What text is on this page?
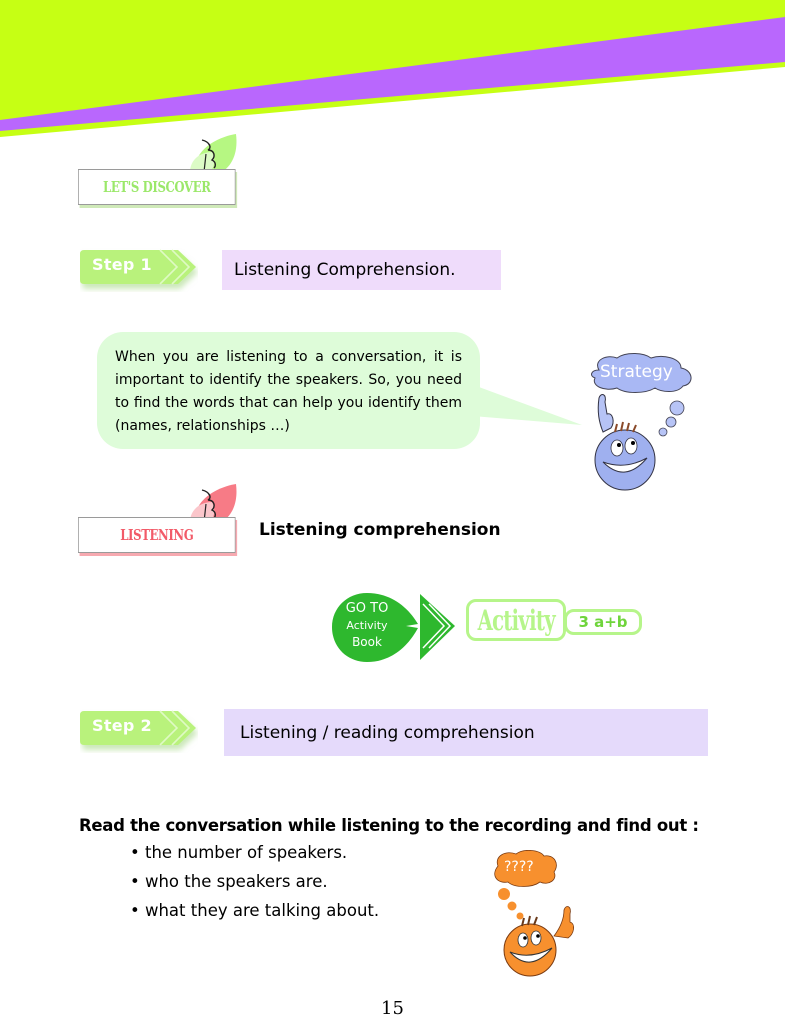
LET'S DISCOVER
Step 1	Listening Comprehension.
When you are listening to a conversation, it is important to identify the speakers. So, you need to find the words that can help you identify them (names, relationships …)
Strategy
LISTENING	Listening comprehension
GO TO
Activity
Book
Activity 3 a+b
Step 2	Listening / reading comprehension
Read the conversation while listening to the recording and find out :
• the number of speakers.
• who the speakers are.
• what they are talking about.
????
15
